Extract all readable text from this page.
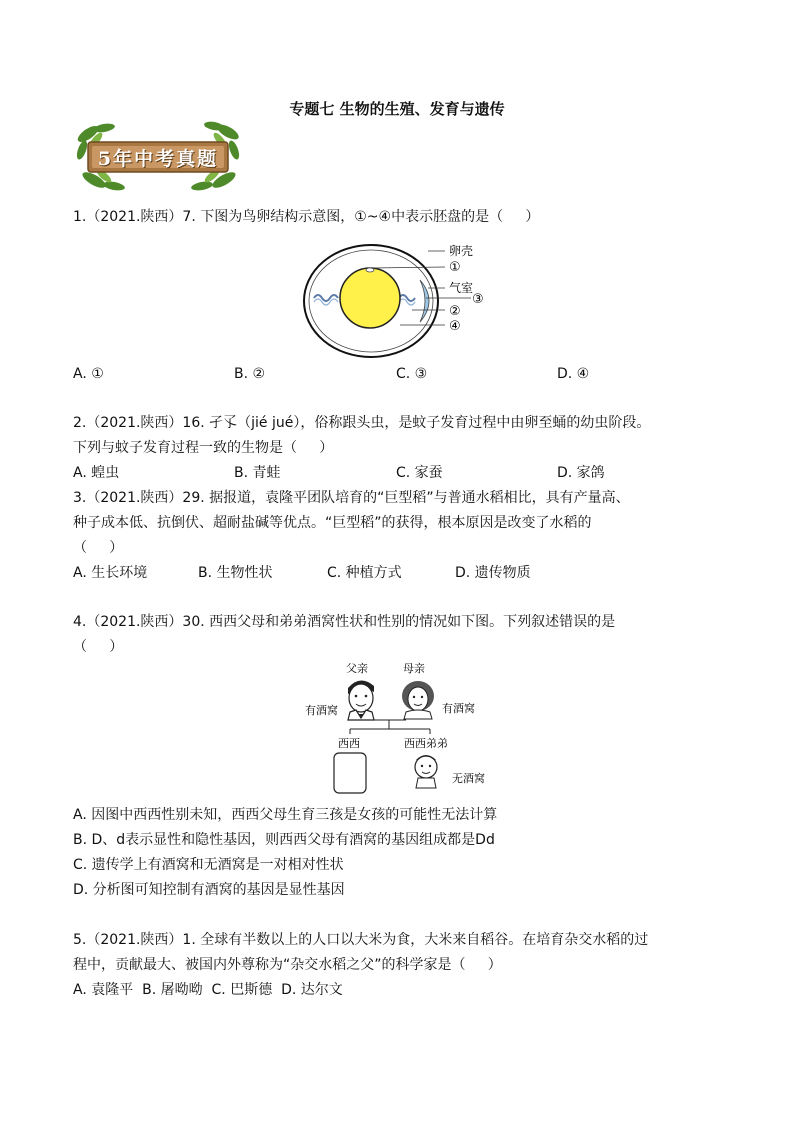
专题七 生物的生殖、发育与遗传
5年中考真题
1.（2021.陕西）7. 下图为鸟卵结构示意图，①~④中表示胚盘的是（     ）
卵壳
①
气室
③
②
④
A. ①	B. ②	C. ③	D. ④
2.（2021.陕西）16. 孑孓（jié jué），俗称跟头虫，是蚊子发育过程中由卵至蛹的幼虫阶段。
下列与蚊子发育过程一致的生物是（     ）
A. 蝗虫	B. 青蛙	C. 家蚕	D. 家鸽
3.（2021.陕西）29. 据报道，袁隆平团队培育的“巨型稻”与普通水稻相比，具有产量高、
种子成本低、抗倒伏、超耐盐碱等优点。“巨型稻”的获得，根本原因是改变了水稻的
（     ）
A. 生长环境	B. 生物性状	C. 种植方式	D. 遗传物质
4.（2021.陕西）30. 西西父母和弟弟酒窝性状和性别的情况如下图。下列叙述错误的是
（     ）
父亲	母亲
有酒窝	有酒窝
西西	西西弟弟
无酒窝
A. 因图中西西性别未知，西西父母生育三孩是女孩的可能性无法计算
B. D、d表示显性和隐性基因，则西西父母有酒窝的基因组成都是Dd
C. 遗传学上有酒窝和无酒窝是一对相对性状
D. 分析图可知控制有酒窝的基因是显性基因
5.（2021.陕西）1. 全球有半数以上的人口以大米为食，大米来自稻谷。在培育杂交水稻的过
程中，贡献最大、被国内外尊称为“杂交水稻之父”的科学家是（     ）
A. 袁隆平  B. 屠呦呦  C. 巴斯德  D. 达尔文
